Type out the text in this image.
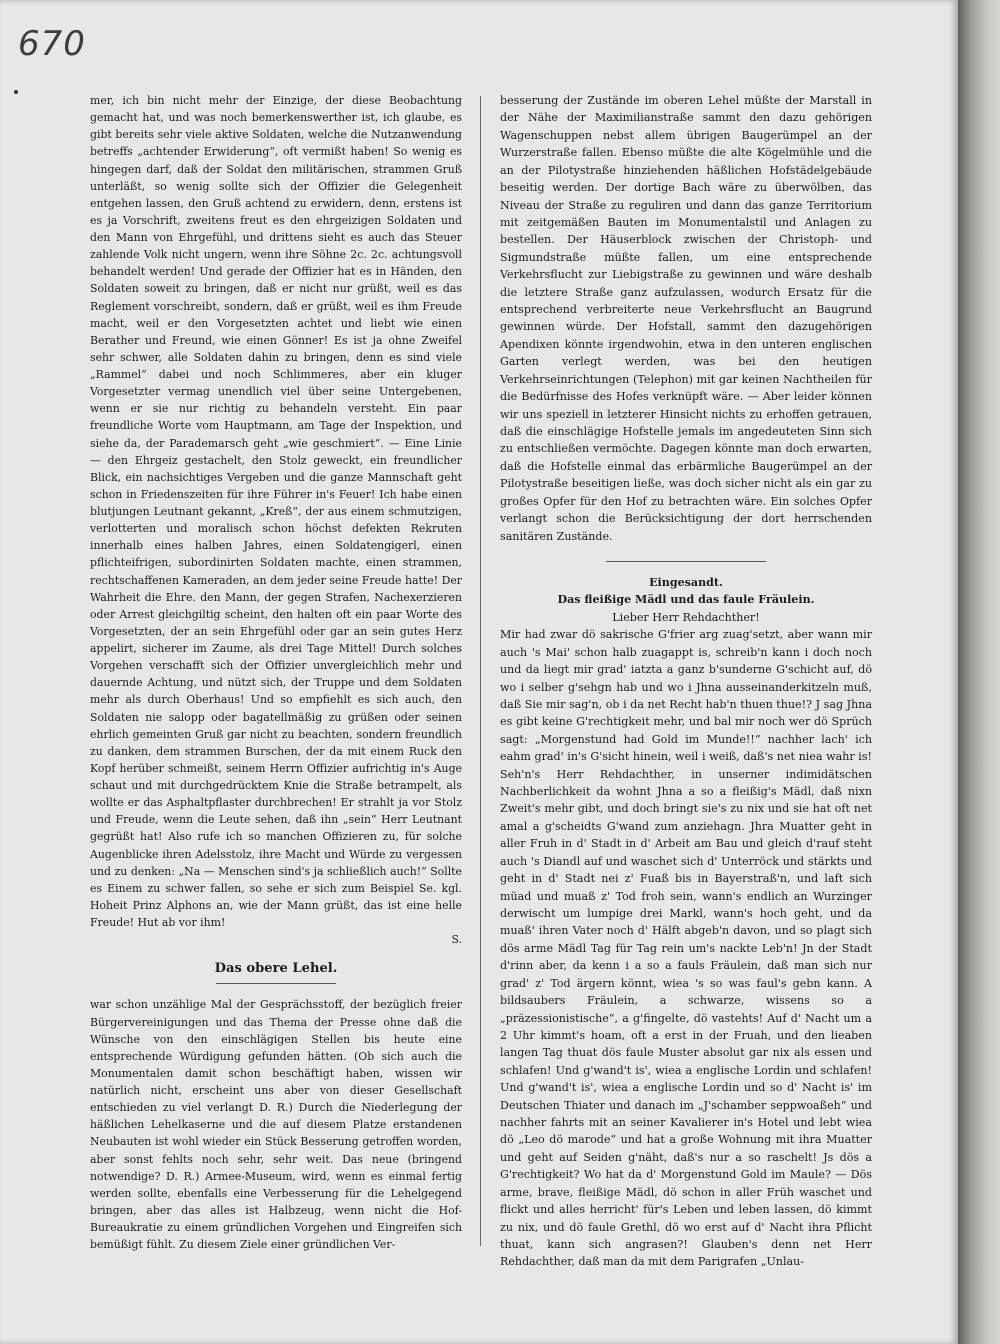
670

mer, ich bin nicht mehr der Einzige, der diese Beobachtung gemacht hat, und was noch bemerkenswerther ist, ich glaube, es gibt bereits sehr viele aktive Soldaten, welche die Nutzanwendung betreffs „achtender Erwiderung“, oft vermißt haben! So wenig es hingegen darf, daß der Soldat den militärischen, strammen Gruß unterläßt, so wenig sollte sich der Offizier die Gelegenheit entgehen lassen, den Gruß achtend zu erwidern, denn, erstens ist es ja Vorschrift, zweitens freut es den ehrgeizigen Soldaten und den Mann von Ehrgefühl, und drittens sieht es auch das Steuer zahlende Volk nicht ungern, wenn ihre Söhne 2c. 2c. achtungsvoll behandelt werden! Und gerade der Offizier hat es in Händen, den Soldaten soweit zu bringen, daß er nicht nur grüßt, weil es das Reglement vorschreibt, sondern, daß er grüßt, weil es ihm Freude macht, weil er den Vorgesetzten achtet und liebt wie einen Berather und Freund, wie einen Gönner! Es ist ja ohne Zweifel sehr schwer, alle Soldaten dahin zu bringen, denn es sind viele „Rammel“ dabei und noch Schlimmeres, aber ein kluger Vorgesetzter vermag unendlich viel über seine Untergebenen, wenn er sie nur richtig zu behandeln versteht. Ein paar freundliche Worte vom Hauptmann, am Tage der Inspektion, und siehe da, der Parademarsch geht „wie geschmiert“. — Eine Linie — den Ehrgeiz gestachelt, den Stolz geweckt, ein freundlicher Blick, ein nachsichtiges Vergeben und die ganze Mannschaft geht schon in Friedenszeiten für ihre Führer in's Feuer! Ich habe einen blutjungen Leutnant gekannt, „Kreß“, der aus einem schmutzigen, verlotterten und moralisch schon höchst defekten Rekruten innerhalb eines halben Jahres, einen Soldatengigerl, einen pflichteifrigen, subordinirten Soldaten machte, einen strammen, rechtschaffenen Kameraden, an dem jeder seine Freude hatte! Der Wahrheit die Ehre. den Mann, der gegen Strafen, Nachexerzieren oder Arrest gleichgiltig scheint, den halten oft ein paar Worte des Vorgesetzten, der an sein Ehrgefühl oder gar an sein gutes Herz appelirt, sicherer im Zaume, als drei Tage Mittel! Durch solches Vorgehen verschafft sich der Offizier unvergleichlich mehr und dauernde Achtung, und nützt sich, der Truppe und dem Soldaten mehr als durch Oberhaus! Und so empfiehlt es sich auch, den Soldaten nie salopp oder bagatellmäßig zu grüßen oder seinen ehrlich gemeinten Gruß gar nicht zu beachten, sondern freundlich zu danken, dem strammen Burschen, der da mit einem Ruck den Kopf herüber schmeißt, seinem Herrn Offizier aufrichtig in's Auge schaut und mit durchgedrücktem Knie die Straße betrampelt, als wollte er das Asphaltpflaster durchbrechen! Er strahlt ja vor Stolz und Freude, wenn die Leute sehen, daß ihn „sein“ Herr Leutnant gegrüßt hat! Also rufe ich so manchen Offizieren zu, für solche Augenblicke ihren Adelsstolz, ihre Macht und Würde zu vergessen und zu denken: „Na — Menschen sind's ja schließlich auch!“ Sollte es Einem zu schwer fallen, so sehe er sich zum Beispiel Se. kgl. Hoheit Prinz Alphons an, wie der Mann grüßt, das ist eine helle Freude! Hut ab vor ihm!

S.

Das obere Lehel.

war schon unzählige Mal der Gesprächsstoff, der bezüglich freier Bürgervereinigungen und das Thema der Presse ohne daß die Wünsche von den einschlägigen Stellen bis heute eine entsprechende Würdigung gefunden hätten. (Ob sich auch die Monumentalen damit schon beschäftigt haben, wissen wir natürlich nicht, erscheint uns aber von dieser Gesellschaft entschieden zu viel verlangt D. R.) Durch die Niederlegung der häßlichen Lehelkaserne und die auf diesem Platze erstandenen Neubauten ist wohl wieder ein Stück Besserung getroffen worden, aber sonst fehlts noch sehr, sehr weit. Das neue (bringend notwendige? D. R.) Armee-Museum, wird, wenn es einmal fertig werden sollte, ebenfalls eine Verbesserung für die Lehelgegend bringen, aber das alles ist Halbzeug, wenn nicht die Hof-Bureaukratie zu einem gründlichen Vorgehen und Eingreifen sich bemüßigt fühlt. Zu diesem Ziele einer gründlichen Ver-

besserung der Zustände im oberen Lehel müßte der Marstall in der Nähe der Maximilianstraße sammt den dazu gehörigen Wagenschuppen nebst allem übrigen Baugerümpel an der Wurzerstraße fallen. Ebenso müßte die alte Kögelmühle und die an der Pilotystraße hinziehenden häßlichen Hofstädelgebäude beseitig werden. Der dortige Bach wäre zu überwölben, das Niveau der Straße zu reguliren und dann das ganze Territorium mit zeitgemäßen Bauten im Monumentalstil und Anlagen zu bestellen. Der Häuserblock zwischen der Christoph- und Sigmundstraße müßte fallen, um eine entsprechende Verkehrsflucht zur Liebigstraße zu gewinnen und wäre deshalb die letztere Straße ganz aufzulassen, wodurch Ersatz für die entsprechend verbreiterte neue Verkehrsflucht an Baugrund gewinnen würde. Der Hofstall, sammt den dazugehörigen Apendixen könnte irgendwohin, etwa in den unteren englischen Garten verlegt werden, was bei den heutigen Verkehrseinrichtungen (Telephon) mit gar keinen Nachtheilen für die Bedürfnisse des Hofes verknüpft wäre. — Aber leider können wir uns speziell in letzterer Hinsicht nichts zu erhoffen getrauen, daß die einschlägige Hofstelle jemals im angedeuteten Sinn sich zu entschließen vermöchte. Dagegen könnte man doch erwarten, daß die Hofstelle einmal das erbärmliche Baugerümpel an der Pilotystraße beseitigen ließe, was doch sicher nicht als ein gar zu großes Opfer für den Hof zu betrachten wäre. Ein solches Opfer verlangt schon die Berücksichtigung der dort herrschenden sanitären Zustände.

Eingesandt.
Das fleißige Mädl und das faule Fräulein.
Lieber Herr Rehdachther!

Mir had zwar dö sakrische G'frier arg zuag'setzt, aber wann mir auch 's Mai' schon halb zuagappt is, schreib'n kann i doch noch und da liegt mir grad' iatzta a ganz b'sunderne G'schicht auf, dö wo i selber g'sehgn hab und wo i Jhna ausseinanderkitzeln muß, daß Sie mir sag'n, ob i da net Recht hab'n thuen thue!? J sag Jhna es gibt keine G'rechtigkeit mehr, und bal mir noch wer dö Sprüch sagt: „Morgenstund had Gold im Munde!!“ nachher lach' ich eahm grad' in's G'sicht hinein, weil i weiß, daß's net niea wahr is! Seh'n's Herr Rehdachther, in unserner indimidätschen Nachberlichkeit da wohnt Jhna a so a fleißig's Mädl, daß nixn Zweit's mehr gibt, und doch bringt sie's zu nix und sie hat oft net amal a g'scheidts G'wand zum anziehagn. Jhra Muatter geht in aller Fruh in d' Stadt in d' Arbeit am Bau und gleich d'rauf steht auch 's Diandl auf und waschet sich d' Unterröck und stärkts und geht in d' Stadt nei z' Fuaß bis in Bayerstraß'n, und laft sich müad und muaß z' Tod froh sein, wann's endlich an Wurzinger derwischt um lumpige drei Markl, wann's hoch geht, und da muaß' ihren Vater noch d' Hälft abgeb'n davon, und so plagt sich dös arme Mädl Tag für Tag rein um's nackte Leb'n! Jn der Stadt d'rinn aber, da kenn i a so a fauls Fräulein, daß man sich nur grad' z' Tod ärgern könnt, wiea 's so was faul's gebn kann. A bildsaubers Fräulein, a schwarze, wissens so a „präzessionistische“, a g'fingelte, dö vastehts! Auf d' Nacht um a 2 Uhr kimmt's hoam, oft a erst in der Fruah, und den lieaben langen Tag thuat dös faule Muster absolut gar nix als essen und schlafen! Und g'wand't is', wiea a englische Lordin und schlafen! Und g'wand't is', wiea a englische Lordin und so d' Nacht is' im Deutschen Thiater und danach im „J'schamber seppwoaßeh“ und nachher fahrts mit an seiner Kavalierer in's Hotel und lebt wiea dö „Leo dö marode“ und hat a große Wohnung mit ihra Muatter und geht auf Seiden g'näht, daß's nur a so raschelt! Js dös a G'rechtigkeit? Wo hat da d' Morgenstund Gold im Maule? — Dös arme, brave, fleißige Mädl, dö schon in aller Früh waschet und flickt und alles herricht' für's Leben und leben lassen, dö kimmt zu nix, und dö faule Grethl, dö wo erst auf d' Nacht ihra Pflicht thuat, kann sich angrasen?! Glauben's denn net Herr Rehdachther, daß man da mit dem Parigrafen „Unlau-
